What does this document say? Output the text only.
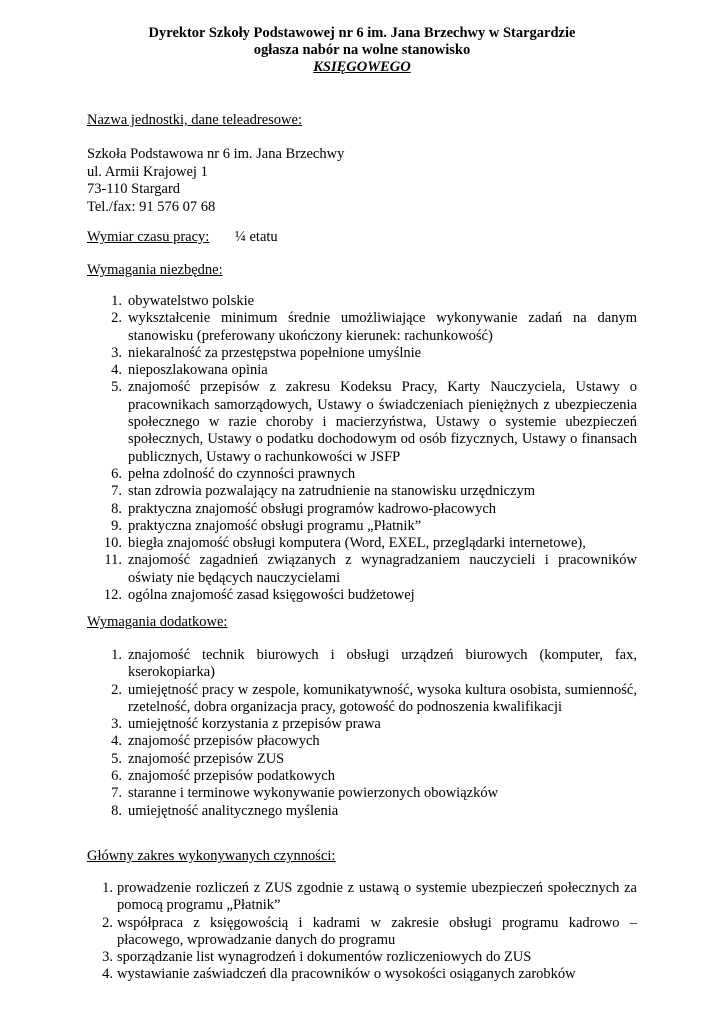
Dyrektor Szkoły Podstawowej nr 6 im. Jana Brzechwy w Stargardzie
ogłasza nabór na wolne stanowisko
KSIĘGOWEGO
Nazwa jednostki, dane teleadresowe:
Szkoła Podstawowa nr 6 im. Jana Brzechwy
ul. Armii Krajowej 1
73-110 Stargard
Tel./fax: 91 576 07 68
Wymiar czasu pracy: ¼ etatu
Wymagania niezbędne:
1. obywatelstwo polskie
2. wykształcenie minimum średnie umożliwiające wykonywanie zadań na danym stanowisku (preferowany ukończony kierunek: rachunkowość)
3. niekaralność za przestępstwa popełnione umyślnie
4. nieposzlakowana opinia
5. znajomość przepisów z zakresu Kodeksu Pracy, Karty Nauczyciela, Ustawy o pracownikach samorządowych, Ustawy o świadczeniach pieniężnych z ubezpieczenia społecznego w razie choroby i macierzyństwa, Ustawy o systemie ubezpieczeń społecznych, Ustawy o podatku dochodowym od osób fizycznych, Ustawy o finansach publicznych, Ustawy o rachunkowości w JSFP
6. pełna zdolność do czynności prawnych
7. stan zdrowia pozwalający na zatrudnienie na stanowisku urzędniczym
8. praktyczna znajomość obsługi programów kadrowo-płacowych
9. praktyczna znajomość obsługi programu „Płatnik”
10. biegła znajomość obsługi komputera (Word, EXEL, przeglądarki internetowe),
11. znajomość zagadnień związanych z wynagradzaniem nauczycieli i pracowników oświaty nie będących nauczycielami
12. ogólna znajomość zasad księgowości budżetowej
Wymagania dodatkowe:
1. znajomość technik biurowych i obsługi urządzeń biurowych (komputer, fax, kserokopiarka)
2. umiejętność pracy w zespole, komunikatywność, wysoka kultura osobista, sumienność, rzetelność, dobra organizacja pracy, gotowość do podnoszenia kwalifikacji
3. umiejętność korzystania z przepisów prawa
4. znajomość przepisów płacowych
5. znajomość przepisów ZUS
6. znajomość przepisów podatkowych
7. staranne i terminowe wykonywanie powierzonych obowiązków
8. umiejętność analitycznego myślenia
Główny zakres wykonywanych czynności:
1. prowadzenie rozliczeń z ZUS zgodnie z ustawą o systemie ubezpieczeń społecznych za pomocą programu „Płatnik”
2. współpraca z księgowością i kadrami w zakresie obsługi programu kadrowo – płacowego, wprowadzanie danych do programu
3. sporządzanie list wynagrodzeń i dokumentów rozliczeniowych do ZUS
4. wystawianie zaświadczeń dla pracowników o wysokości osiąganych zarobków
